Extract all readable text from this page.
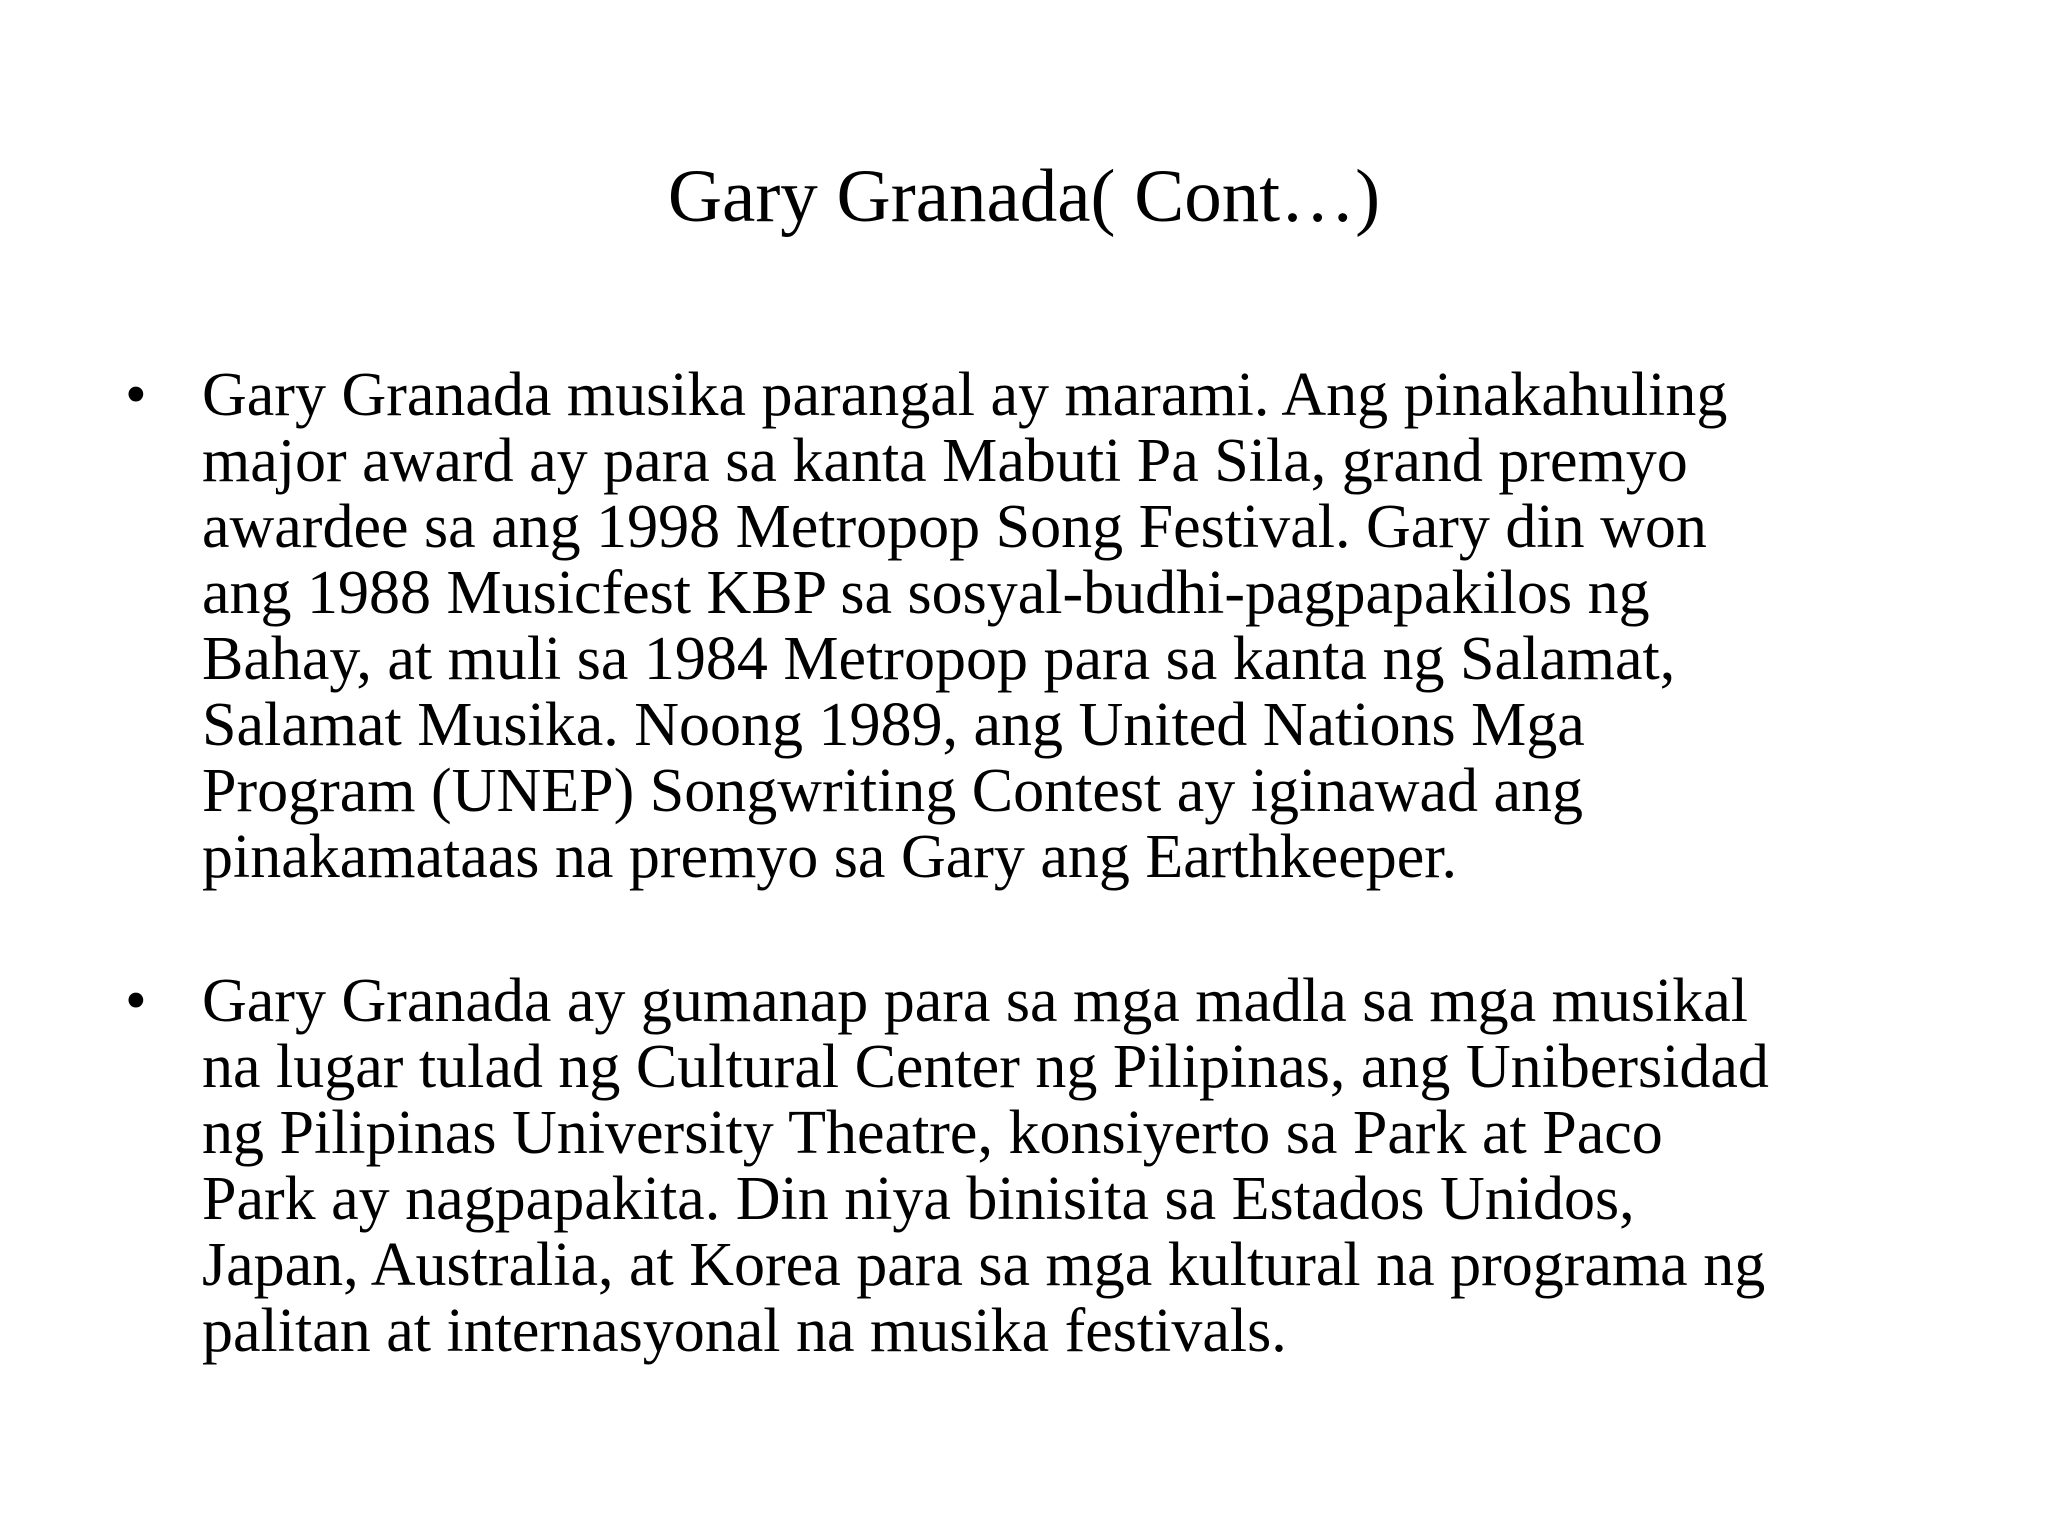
Gary Granada( Cont…)
• Gary Granada musika parangal ay marami. Ang pinakahuling
major award ay para sa kanta Mabuti Pa Sila, grand premyo
awardee sa ang 1998 Metropop Song Festival. Gary din won
ang 1988 Musicfest KBP sa sosyal-budhi-pagpapakilos ng
Bahay, at muli sa 1984 Metropop para sa kanta ng Salamat,
Salamat Musika. Noong 1989, ang United Nations Mga
Program (UNEP) Songwriting Contest ay iginawad ang
pinakamataas na premyo sa Gary ang Earthkeeper.
• Gary Granada ay gumanap para sa mga madla sa mga musikal
na lugar tulad ng Cultural Center ng Pilipinas, ang Unibersidad
ng Pilipinas University Theatre, konsiyerto sa Park at Paco
Park ay nagpapakita. Din niya binisita sa Estados Unidos,
Japan, Australia, at Korea para sa mga kultural na programa ng
palitan at internasyonal na musika festivals.
